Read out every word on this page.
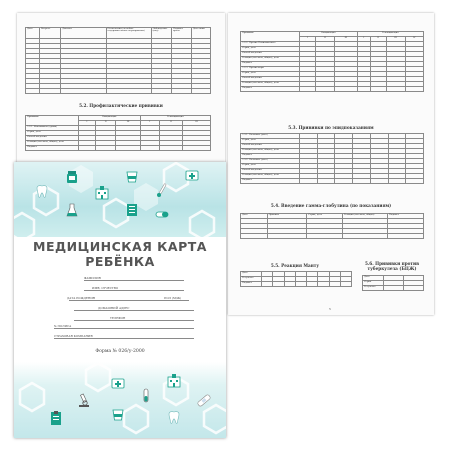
Дата	Возраст	Диагноз	Назначения (лечебно-оздоровительные мероприятия)	Наблюдение (код)	Подпись врача	Дата явки

5.2. Профилактические прививки
Прививки	Вакцинация			Ревакцинация		
	I	II	III	I	II	III
5.2.1. Коклюшная (сроки)						
Серия, доза						
Способ введения						
Реакция (местная, общая), дата						
Подпись						
Прививки	Вакцинация			Ревакцинация			
	I	II	III	I	II	III	IV
5.2.2. Против Полиомиелита							
Серия, доза							
Способ введения							
Реакция (местная, общая), дата							
Подпись							
5.2.3. Против кори							
Серия, доза							
Способ введения							
Реакция (местная, общая), дата							
Подпись							
5.3. Прививки по эпидпоказаниям
5.3.1. Название (дата)							
Серия, доза							
Способ введения							
Реакция (местная, общая), дата							
Подпись							
5.3.2. Название (дата)							
Серия, доза							
Способ введения							
Реакция (местная, общая), дата							
Подпись							
5.4. Введение гамма-глобулина (по показаниям)
Дата	Причина	Серия, доза	Реакция (местная, общая)	Подпись

5.5. Реакция Манту
Дата								
Результат								
Подпись								
5.6. Прививки против туберкулеза (БЦЖ)
Дата		
Серия		
Результат		
5
МЕДИЦИНСКАЯ КАРТА
РЕБЁНКА
ФАМИЛИЯ
ИМЯ, ОТЧЕСТВО
ДАТА РОЖДЕНИЯ	ПОЛ (М/Ж)
ДОМАШНИЙ АДРЕС
ТЕЛЕФОН
№ ПОЛИСА
СТРАХОВАЯ КОМПАНИЯ
Форма № 026/у-2000
